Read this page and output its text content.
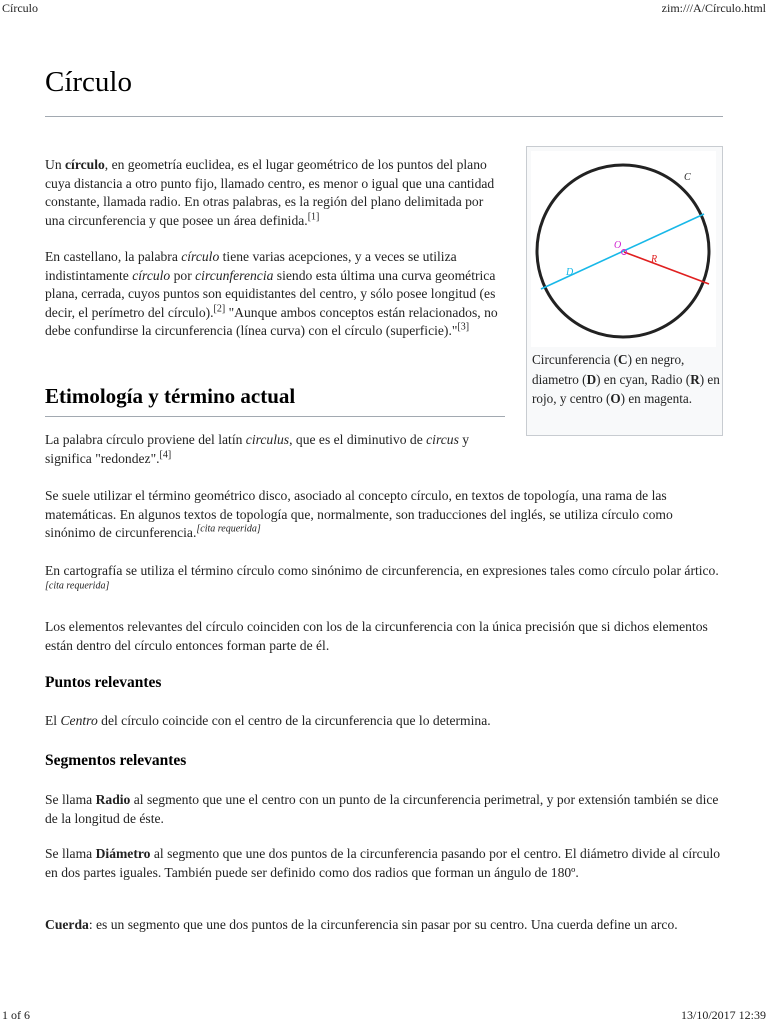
Círculo	zim:///A/Círculo.html
Círculo

Un círculo, en geometría euclidea, es el lugar geométrico de los puntos del plano cuya distancia a otro punto fijo, llamado centro, es menor o igual que una cantidad constante, llamada radio. En otras palabras, es la región del plano delimitada por una circunferencia y que posee un área definida.[1]

En castellano, la palabra círculo tiene varias acepciones, y a veces se utiliza indistintamente círculo por circunferencia siendo esta última una curva geométrica plana, cerrada, cuyos puntos son equidistantes del centro, y sólo posee longitud (es decir, el perímetro del círculo).[2] "Aunque ambos conceptos están relacionados, no debe confundirse la circunferencia (línea curva) con el círculo (superficie)."[3]

C
O
R
D
Circunferencia (C) en negro, diametro (D) en cyan, Radio (R) en rojo, y centro (O) en magenta.
Etimología y término actual

La palabra círculo proviene del latín circulus, que es el diminutivo de circus y significa "redondez".[4]

Se suele utilizar el término geométrico disco, asociado al concepto círculo, en textos de topología, una rama de las matemáticas. En algunos textos de topología que, normalmente, son traducciones del inglés, se utiliza círculo como sinónimo de circunferencia.[cita requerida]

En cartografía se utiliza el término círculo como sinónimo de circunferencia, en expresiones tales como círculo polar ártico.[cita requerida]

Los elementos relevantes del círculo coinciden con los de la circunferencia con la única precisión que si dichos elementos están dentro del círculo entonces forman parte de él.

Puntos relevantes

El Centro del círculo coincide con el centro de la circunferencia que lo determina.

Segmentos relevantes

Se llama Radio al segmento que une el centro con un punto de la circunferencia perimetral, y por extensión también se dice de la longitud de éste.

Se llama Diámetro al segmento que une dos puntos de la circunferencia pasando por el centro. El diámetro divide al círculo en dos partes iguales. También puede ser definido como dos radios que forman un ángulo de 180º.

Cuerda: es un segmento que une dos puntos de la circunferencia sin pasar por su centro. Una cuerda define un arco.

1 of 6	13/10/2017 12:39
